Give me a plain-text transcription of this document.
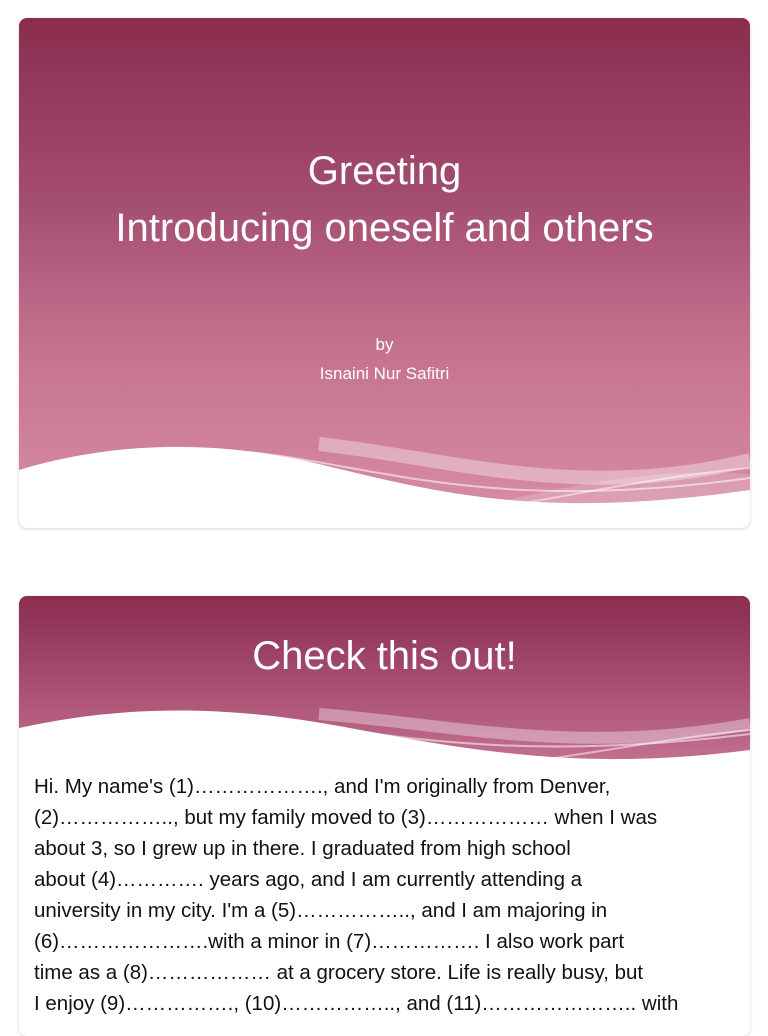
Greeting
Introducing oneself and others
by
Isnaini Nur Safitri
Check this out!
Hi. My name's (1)………………., and I'm originally from Denver,
(2)…………….., but my family moved to (3)……………… when I was
about 3, so I grew up in there. I graduated from high school
about (4)…………. years ago, and I am currently attending a
university in my city. I'm a (5)…………….., and I am majoring in
(6)………………….with a minor in (7)……………. I also work part
time as a (8)……………… at a grocery store. Life is really busy, but
I enjoy (9)……………., (10)…………….., and (11)………………….. with
